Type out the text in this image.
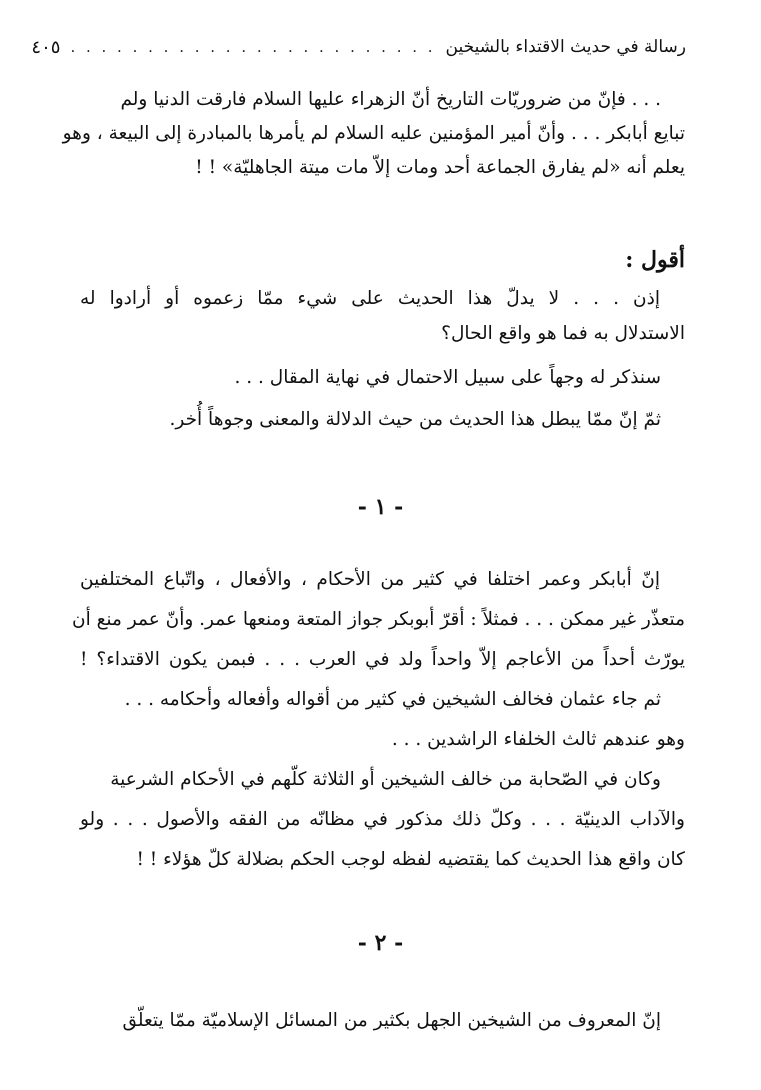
رسالة في حديث الاقتداء بالشيخين
. . . . . . . . . . . . . . . . . . . . . . . .
٤٠٥
. . . فإنّ من ضروريّات التاريخ أنّ الزهراء عليها السلام فارقت الدنيا ولم
تبايع أبابكر . . . وأنّ أمير المؤمنين عليه السلام لم يأمرها بالمبادرة إلى البيعة ، وهو
يعلم أنه «لم يفارق الجماعة أحد ومات إلاّ مات ميتة الجاهليّة» ! !
أقول :
إذن . . . لا يدلّ هذا الحديث على شيء ممّا زعموه أو أرادوا له
الاستدلال به فما هو واقع الحال؟
سنذكر له وجهاً على سبيل الاحتمال في نهاية المقال . . .
ثمّ إنّ ممّا يبطل هذا الحديث من حيث الدلالة والمعنى وجوهاً أُخر.
- ١ -
إنّ أبابكر وعمر اختلفا في كثير من الأحكام ، والأفعال ، واتّباع المختلفين
متعذّر غير ممكن . . . فمثلاً : أقرّ أبوبكر جواز المتعة ومنعها عمر. وأنّ عمر منع أن
يورّث أحداً من الأعاجم إلاّ واحداً ولد في العرب . . . فبمن يكون الاقتداء؟ !
ثم جاء عثمان فخالف الشيخين في كثير من أقواله وأفعاله وأحكامه . . .
وهو عندهم ثالث الخلفاء الراشدين . . .
وكان في الصّحابة من خالف الشيخين أو الثلاثة كلّهم في الأحكام الشرعية
والآداب الدينيّة . . . وكلّ ذلك مذكور في مظانّه من الفقه والأصول . . . ولو
كان واقع هذا الحديث كما يقتضيه لفظه لوجب الحكم بضلالة كلّ هؤلاء ! !
- ٢ -
إنّ المعروف من الشيخين الجهل بكثير من المسائل الإسلاميّة ممّا يتعلّق
